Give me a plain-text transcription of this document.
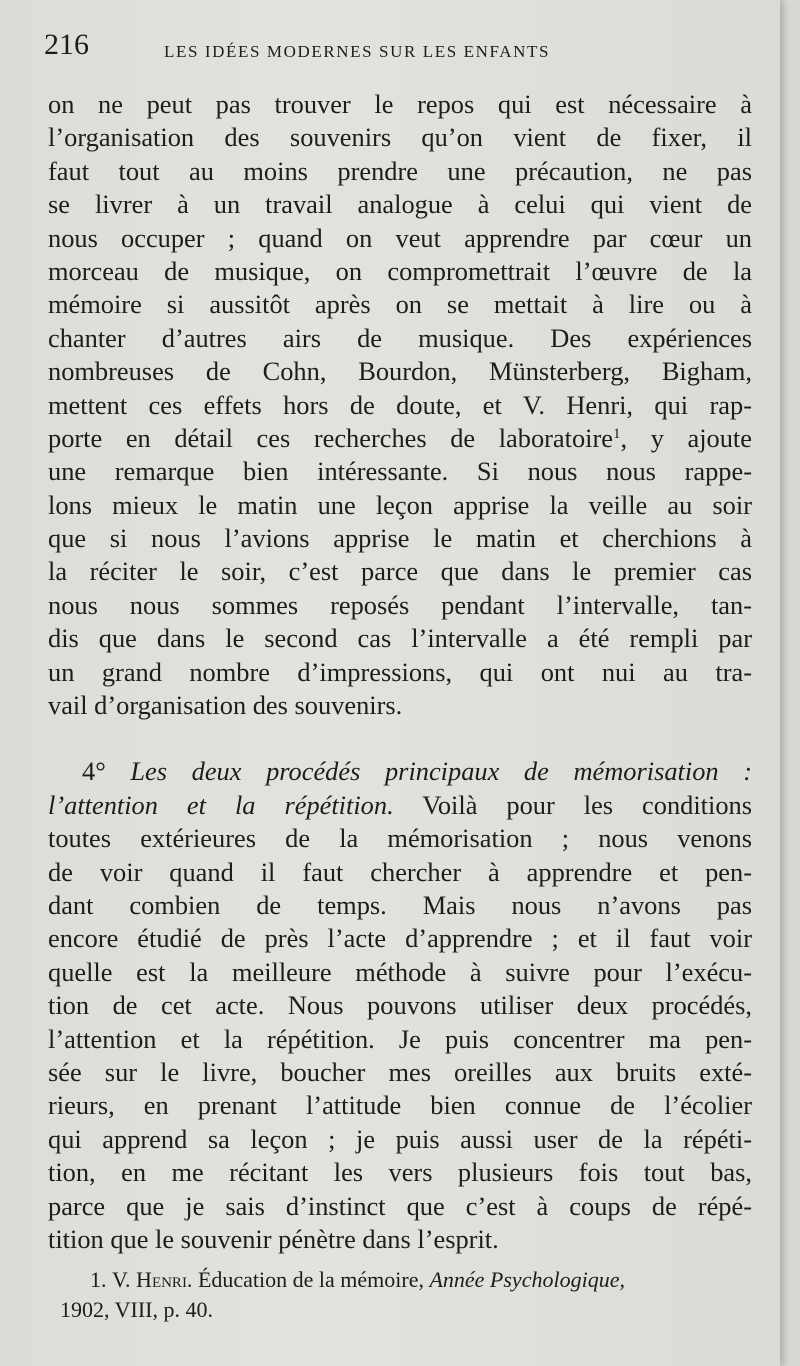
216	LES IDÉES MODERNES SUR LES ENFANTS
on ne peut pas trouver le repos qui est nécessaire à
l’organisation des souvenirs qu’on vient de fixer, il
faut tout au moins prendre une précaution, ne pas
se livrer à un travail analogue à celui qui vient de
nous occuper ; quand on veut apprendre par cœur un
morceau de musique, on compromettrait l’œuvre de la
mémoire si aussitôt après on se mettait à lire ou à
chanter d’autres airs de musique. Des expériences
nombreuses de Cohn, Bourdon, Münsterberg, Bigham,
mettent ces effets hors de doute, et V. Henri, qui rap-
porte en détail ces recherches de laboratoire$^1$, y ajoute
une remarque bien intéressante. Si nous nous rappe-
lons mieux le matin une leçon apprise la veille au soir
que si nous l’avions apprise le matin et cherchions à
la réciter le soir, c’est parce que dans le premier cas
nous nous sommes reposés pendant l’intervalle, tan-
dis que dans le second cas l’intervalle a été rempli par
un grand nombre d’impressions, qui ont nui au tra-
vail d’organisation des souvenirs.
4° Les deux procédés principaux de mémorisation :
l’attention et la répétition. Voilà pour les conditions
toutes extérieures de la mémorisation ; nous venons
de voir quand il faut chercher à apprendre et pen-
dant combien de temps. Mais nous n’avons pas
encore étudié de près l’acte d’apprendre ; et il faut voir
quelle est la meilleure méthode à suivre pour l’exécu-
tion de cet acte. Nous pouvons utiliser deux procédés,
l’attention et la répétition. Je puis concentrer ma pen-
sée sur le livre, boucher mes oreilles aux bruits exté-
rieurs, en prenant l’attitude bien connue de l’écolier
qui apprend sa leçon ; je puis aussi user de la répéti-
tion, en me récitant les vers plusieurs fois tout bas,
parce que je sais d’instinct que c’est à coups de répé-
tition que le souvenir pénètre dans l’esprit.
1. V. Henri. Éducation de la mémoire, Année Psychologique,
1902, VIII, p. 40.
